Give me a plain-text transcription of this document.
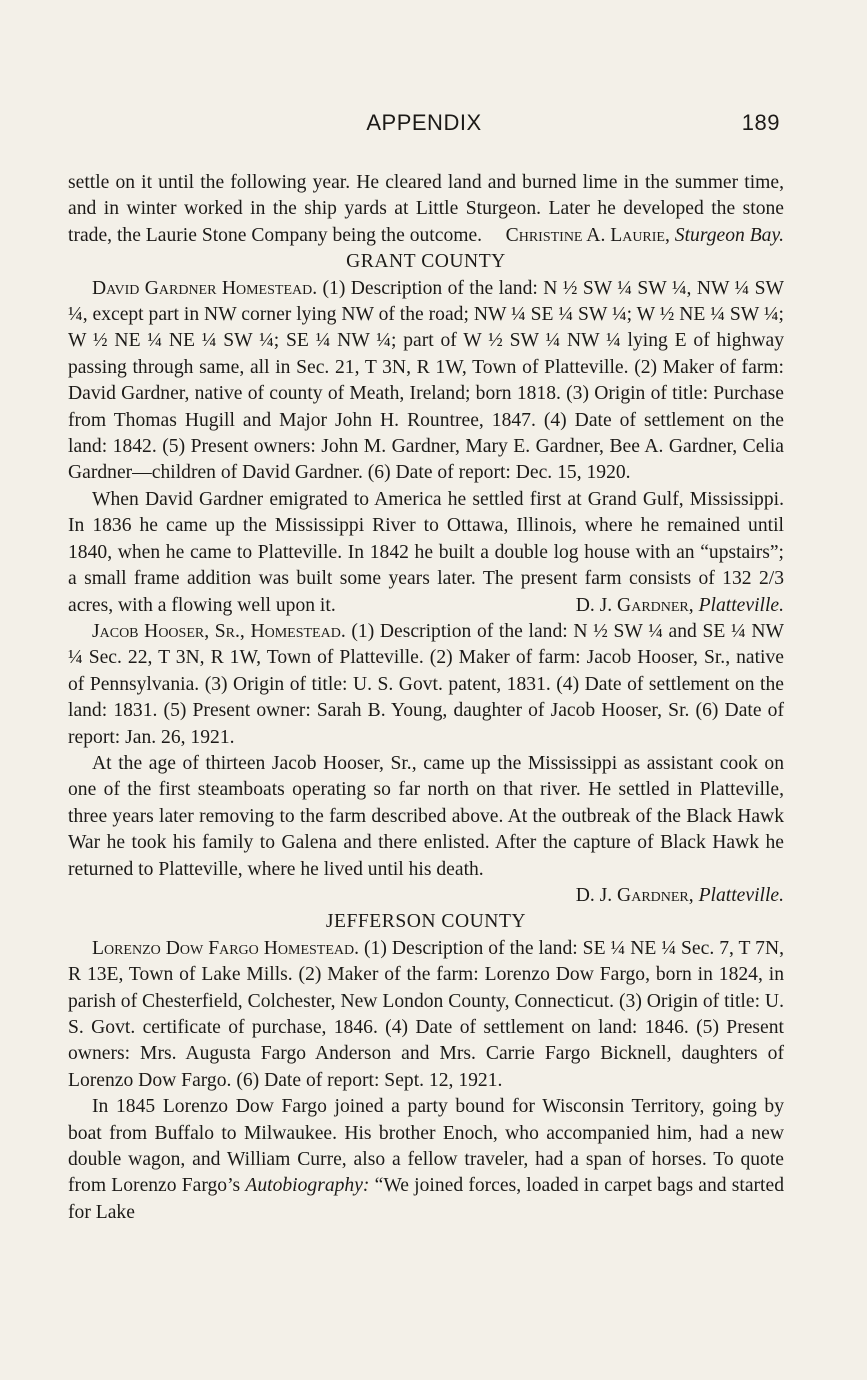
APPENDIX	189

settle on it until the following year. He cleared land and burned lime in the summer time, and in winter worked in the ship yards at Little Sturgeon. Later he developed the stone trade, the Laurie Stone Company being the outcome. Christine A. Laurie, Sturgeon Bay.

GRANT COUNTY

David Gardner Homestead. (1) Description of the land: N ½ SW ¼ SW ¼, NW ¼ SW ¼, except part in NW corner lying NW of the road; NW ¼ SE ¼ SW ¼; W ½ NE ¼ SW ¼; W ½ NE ¼ NE ¼ SW ¼; SE ¼ NW ¼; part of W ½ SW ¼ NW ¼ lying E of highway passing through same, all in Sec. 21, T 3N, R 1W, Town of Platteville. (2) Maker of farm: David Gardner, native of county of Meath, Ireland; born 1818. (3) Origin of title: Purchase from Thomas Hugill and Major John H. Rountree, 1847. (4) Date of settlement on the land: 1842. (5) Present owners: John M. Gardner, Mary E. Gardner, Bee A. Gardner, Celia Gardner—children of David Gardner. (6) Date of report: Dec. 15, 1920.

When David Gardner emigrated to America he settled first at Grand Gulf, Mississippi. In 1836 he came up the Mississippi River to Ottawa, Illinois, where he remained until 1840, when he came to Platteville. In 1842 he built a double log house with an “upstairs”; a small frame addition was built some years later. The present farm consists of 132 2/3 acres, with a flowing well upon it.	D. J. Gardner, Platteville.

Jacob Hooser, Sr., Homestead. (1) Description of the land: N ½ SW ¼ and SE ¼ NW ¼ Sec. 22, T 3N, R 1W, Town of Platteville. (2) Maker of farm: Jacob Hooser, Sr., native of Pennsylvania. (3) Origin of title: U. S. Govt. patent, 1831. (4) Date of settlement on the land: 1831. (5) Present owner: Sarah B. Young, daughter of Jacob Hooser, Sr. (6) Date of report: Jan. 26, 1921.

At the age of thirteen Jacob Hooser, Sr., came up the Mississippi as assistant cook on one of the first steamboats operating so far north on that river. He settled in Platteville, three years later removing to the farm described above. At the outbreak of the Black Hawk War he took his family to Galena and there enlisted. After the capture of Black Hawk he returned to Platteville, where he lived until his death.

D. J. Gardner, Platteville.

JEFFERSON COUNTY

Lorenzo Dow Fargo Homestead. (1) Description of the land: SE ¼ NE ¼ Sec. 7, T 7N, R 13E, Town of Lake Mills. (2) Maker of the farm: Lorenzo Dow Fargo, born in 1824, in parish of Chesterfield, Colchester, New London County, Connecticut. (3) Origin of title: U. S. Govt. certificate of purchase, 1846. (4) Date of settlement on land: 1846. (5) Present owners: Mrs. Augusta Fargo Anderson and Mrs. Carrie Fargo Bicknell, daughters of Lorenzo Dow Fargo. (6) Date of report: Sept. 12, 1921.

In 1845 Lorenzo Dow Fargo joined a party bound for Wisconsin Territory, going by boat from Buffalo to Milwaukee. His brother Enoch, who accompanied him, had a new double wagon, and William Curre, also a fellow traveler, had a span of horses. To quote from Lorenzo Fargo’s Autobiography: “We joined forces, loaded in carpet bags and started for Lake
